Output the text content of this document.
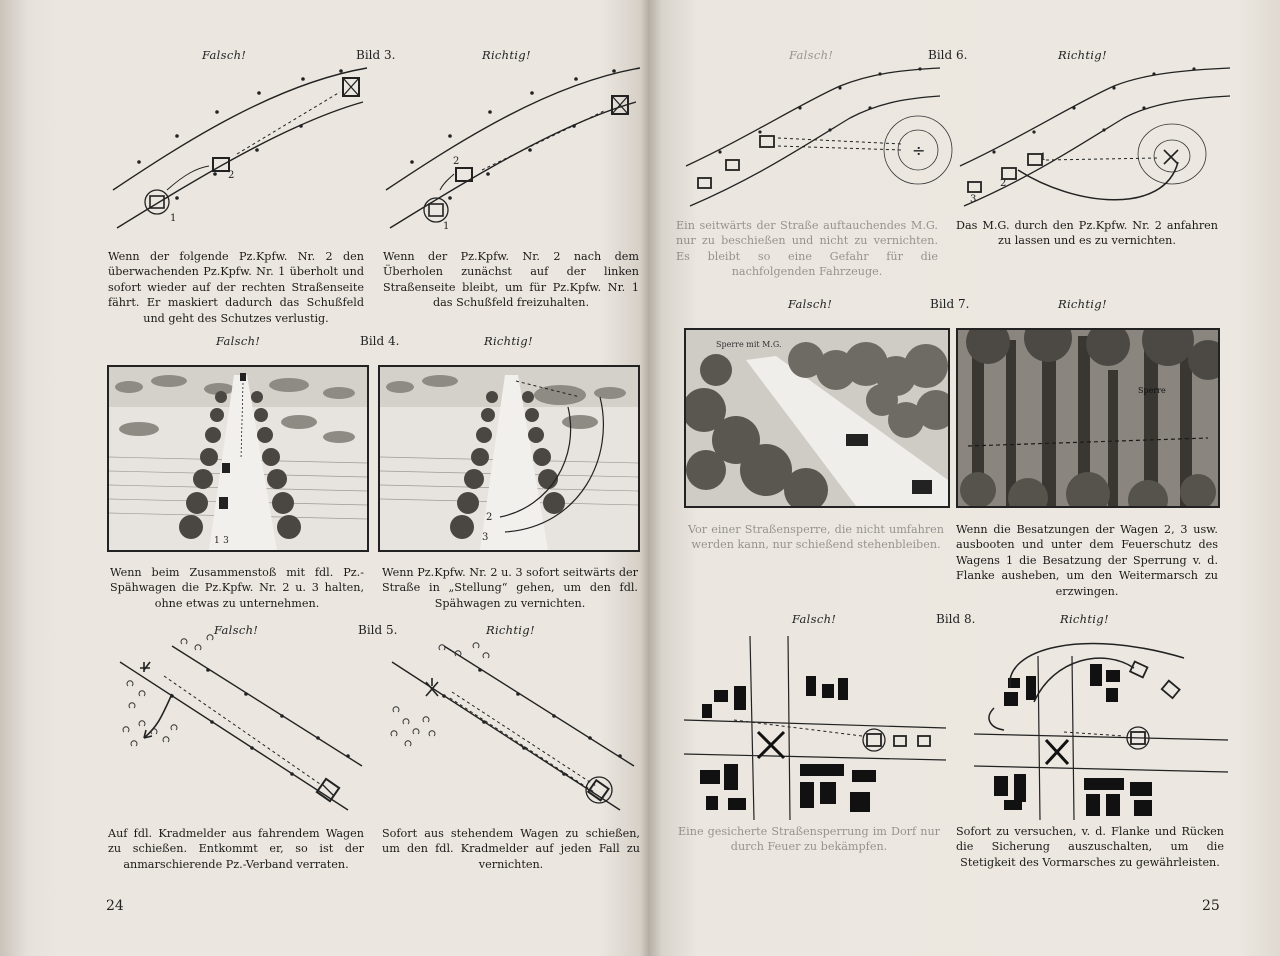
Falsch!	Bild 3.	Richtig!
1
2
2
1
Wenn der folgende Pz.Kpfw. Nr. 2 den überwachenden Pz.Kpfw. Nr. 1 überholt und sofort wieder auf der rechten Straßenseite fährt. Er maskiert dadurch das Schußfeld und geht des Schutzes verlustig.
Wenn der Pz.Kpfw. Nr. 2 nach dem Überholen zunächst auf der linken Straßenseite bleibt, um für Pz.Kpfw. Nr. 1 das Schußfeld freizuhalten.
Falsch!	Bild 4.	Richtig!
1 3
2
3
Wenn beim Zusammenstoß mit fdl. Pz.-Spähwagen die Pz.Kpfw. Nr. 2 u. 3 halten, ohne etwas zu unternehmen.
Wenn Pz.Kpfw. Nr. 2 u. 3 sofort seitwärts der Straße in „Stellung“ gehen, um den fdl. Spähwagen zu vernichten.
Falsch!	Bild 5.	Richtig!
Auf fdl. Kradmelder aus fahrendem Wagen zu schießen. Entkommt er, so ist der anmarschierende Pz.-Verband verraten.
Sofort aus stehendem Wagen zu schießen, um den fdl. Kradmelder auf jeden Fall zu vernichten.
24
Falsch!	Bild 6.	Richtig!
÷
3
2
1
Ein seitwärts der Straße auftauchendes M.G. nur zu beschießen und nicht zu vernichten. Es bleibt so eine Gefahr für die nachfolgenden Fahrzeuge.
Das M.G. durch den Pz.Kpfw. Nr. 2 anfahren zu lassen und es zu vernichten.
Falsch!	Bild 7.	Richtig!
Sperre mit M.G.
Sperre
Vor einer Straßensperre, die nicht umfahren werden kann, nur schießend stehenbleiben.
Wenn die Besatzungen der Wagen 2, 3 usw. ausbooten und unter dem Feuerschutz des Wagens 1 die Besatzung der Sperrung v. d. Flanke ausheben, um den Weitermarsch zu erzwingen.
Falsch!	Bild 8.	Richtig!
Eine gesicherte Straßensperrung im Dorf nur durch Feuer zu bekämpfen.
Sofort zu versuchen, v. d. Flanke und Rücken die Sicherung auszuschalten, um die Stetigkeit des Vormarsches zu gewährleisten.
25
